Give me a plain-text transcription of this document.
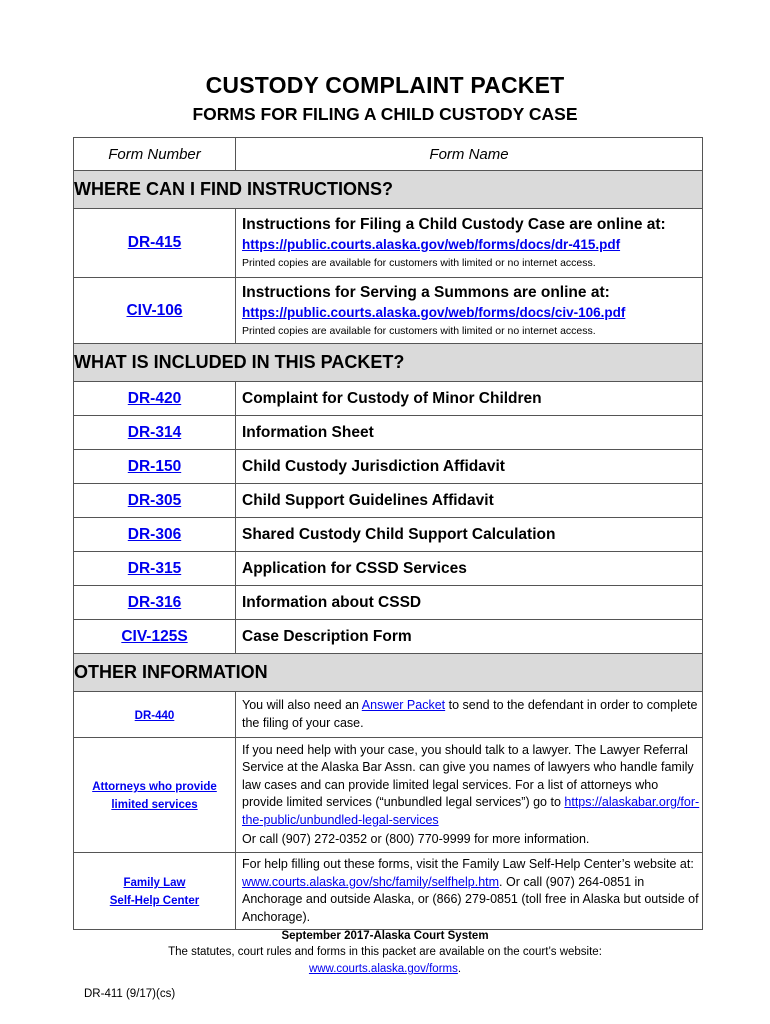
CUSTODY COMPLAINT PACKET
FORMS FOR FILING A CHILD CUSTODY CASE
Form Number	Form Name
WHERE CAN I FIND INSTRUCTIONS?	
DR-415	Instructions for Filing a Child Custody Case are online at:
https://public.courts.alaska.gov/web/forms/docs/dr-415.pdf
Printed copies are available for customers with limited or no internet access.

CIV-106	Instructions for Serving a Summons are online at:
https://public.courts.alaska.gov/web/forms/docs/civ-106.pdf
Printed copies are available for customers with limited or no internet access.

WHAT IS INCLUDED IN THIS PACKET?	
DR-420	Complaint for Custody of Minor Children
DR-314	Information Sheet
DR-150	Child Custody Jurisdiction Affidavit
DR-305	Child Support Guidelines Affidavit
DR-306	Shared Custody Child Support Calculation
DR-315	Application for CSSD Services
DR-316	Information about CSSD
CIV-125S	Case Description Form
OTHER INFORMATION	
DR-440	You will also need an Answer Packet to send to the defendant in order to complete the filing of your case.
Attorneys who provide limited services	If you need help with your case, you should talk to a lawyer. The Lawyer Referral Service at the Alaska Bar Assn. can give you names of lawyers who handle family law cases and can provide limited legal services. For a list of attorneys who provide limited services (“unbundled legal services”) go to https://alaskabar.org/for-the-public/unbundled-legal-services
Or call (907) 272-0352 or (800) 770-9999 for more information.

Family Law
Self-Help Center	For help filling out these forms, visit the Family Law Self-Help Center’s website at: www.courts.alaska.gov/shc/family/selfhelp.htm. Or call (907) 264-0851 in Anchorage and outside Alaska, or (866) 279-0851 (toll free in Alaska but outside of Anchorage).
September 2017-Alaska Court System
The statutes, court rules and forms in this packet are available on the court’s website:
www.courts.alaska.gov/forms.
DR-411 (9/17)(cs)
